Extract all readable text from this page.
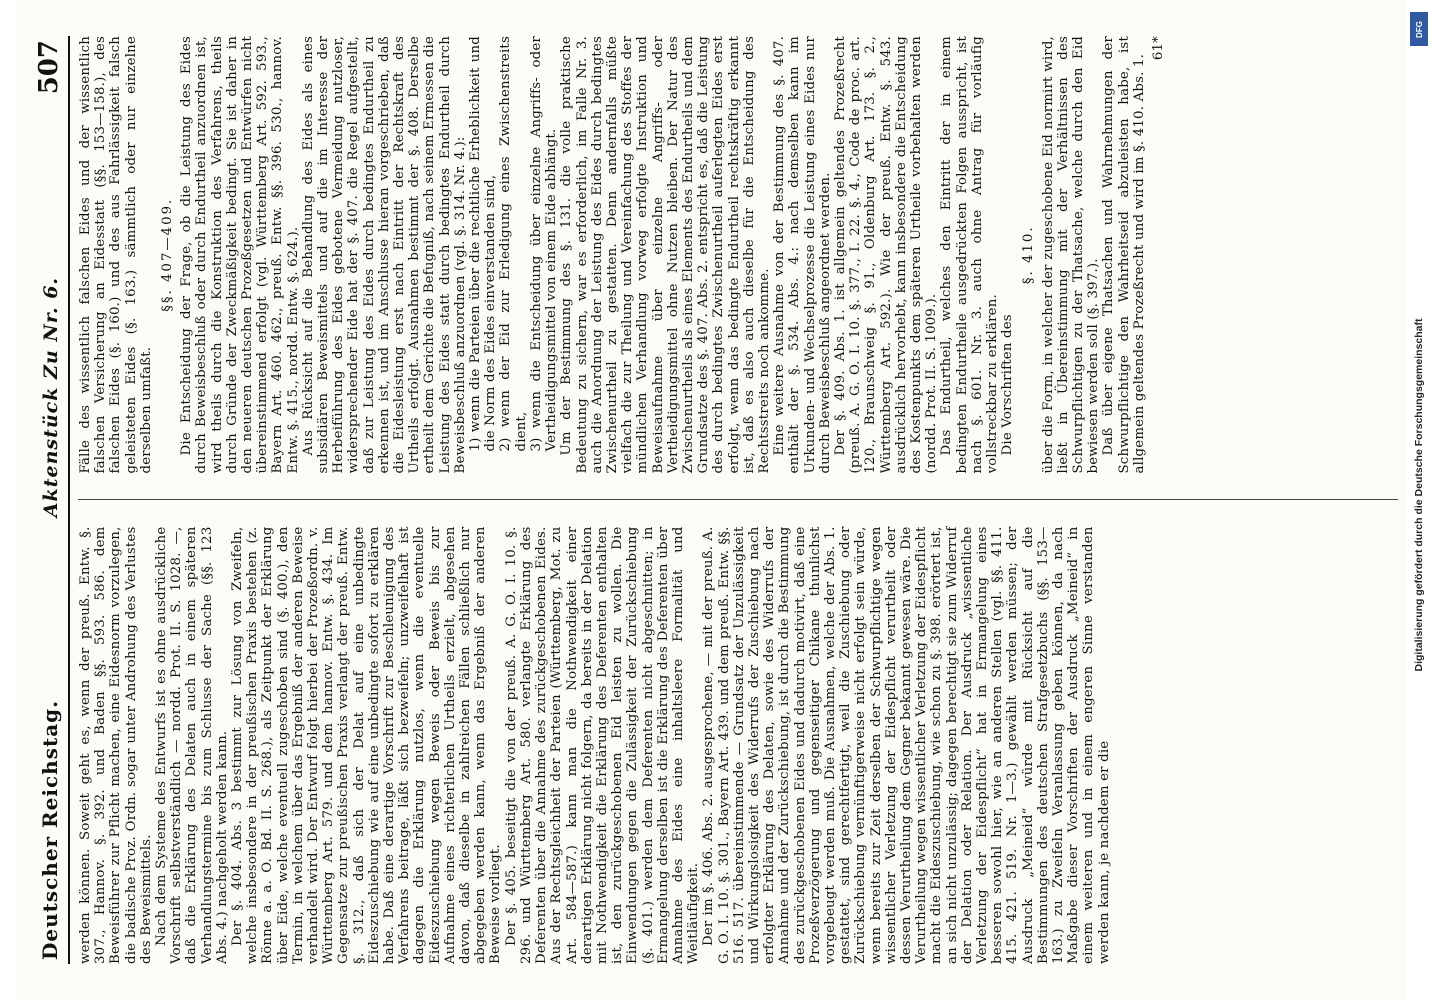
Deutscher Reichstag.
Aktenstück Zu Nr. 6.
507

werden können. Soweit geht es, wenn der preuß. Entw. §. 307., Hannov. §. 392. und Baden §§. 593. 586. dem Beweisführer zur Pflicht machen, eine Eidesnorm vorzulegen, die badische Proz. Ordn. sogar unter Androhung des Verlustes des Beweismittels. Nach dem Systeme des Entwurfs ist es ohne ausdrückliche Vorschrift selbstverständlich — nordd. Prot. II. S. 1028. —, daß die Erklärung des Delaten auch in einem späteren Verhandlungstermine bis zum Schlusse der Sache (§§. 123 Abs. 4.) nachgeholt werden kann. Der §. 404. Abs. 3 bestimmt zur Lösung von Zweifeln, welche insbesondere in der preußischen Praxis bestehen (z. Rönne a. a. O. Bd. II. S. 268.), als Zeitpunkt der Erklärung über Eide, welche eventuell zugeschoben sind (§. 400.), den Termin, in welchem über das Ergebniß der anderen Beweise verhandelt wird. Der Entwurf folgt hierbei der Prozeßordn. v. Württemberg Art. 579. und dem hannov. Entw. §. 434. Im Gegensatze zur preußischen Praxis verlangt der preuß. Entw. §. 312., daß sich der Delat auf eine unbedingte Eideszuschiebung wie auf eine unbedingte sofort zu erklären habe. Daß eine derartige Vorschrift zur Beschleunigung des Verfahrens beitrage, läßt sich bezweifeln; unzweifelhaft ist dagegen die Erklärung nutzlos, wenn die eventuelle Eideszuschiebung wegen Beweis oder Beweis bis zur Aufnahme eines richterlichen Urtheils erzielt, abgesehen davon, daß dieselbe in zahlreichen Fällen schließlich nur abgegeben werden kann, wenn das Ergebniß der anderen Beweise vorliegt. Der §. 405. beseitigt die von der preuß. A. G. O. I. 10. §. 296. und Württemberg Art. 580. verlangte Erklärung des Deferenten über die Annahme des zurückgeschobenen Eides. Aus der Rechtsgleichheit der Parteien (Württemberg, Mot. zu Art. 584—587.) kann man die Nothwendigkeit einer derartigen Erklärung nicht folgern, da bereits in der Delation mit Nothwendigkeit die Erklärung des Deferenten enthalten ist, den zurückgeschobenen Eid leisten zu wollen. Die Einwendungen gegen die Zulässigkeit der Zurückschiebung (§. 401.) werden dem Deferenten nicht abgeschnitten; in Ermangelung derselben ist die Erklärung des Deferenten über Annahme des Eides eine inhaltsleere Formalität und Weitläufigkeit. Der im §. 406. Abs. 2. ausgesprochene, — mit der preuß. A. G. O. I. 10. §. 301., Bayern Art. 439. und dem preuß. Entw. §§. 516. 517. übereinstimmende — Grundsatz der Unzulässigkeit und Wirkungslosigkeit des Widerrufs der Zuschiebung nach erfolgter Erklärung des Delaten, sowie des Widerrufs der Annahme und der Zurückschiebung, ist durch die Bestimmung des zurückgeschobenen Eides und dadurch motivirt, daß eine Prozeßverzögerung und gegenseitiger Chikane thunlichst vorgebeugt werden muß. Die Ausnahmen, welche der Abs. 1. gestattet, sind gerechtfertigt, weil die Zuschiebung oder Zurückschiebung vernünftigerweise nicht erfolgt sein würde, wenn bereits zur Zeit derselben der Schwurpflichtige wegen wissentlicher Verletzung der Eidespflicht verurtheilt oder dessen Verurtheilung dem Gegner bekannt gewesen wäre. Die Verurtheilung wegen wissentlicher Verletzung der Eidespflicht macht die Eideszuschiebung, wie schon zu §. 398. erörtert ist, an sich nicht unzulässig; dagegen berechtigt sie zum Widerruf der Delation oder Relation. Der Ausdruck „wissentliche Verletzung der Eidespflicht“ hat in Ermangelung eines besseren sowohl hier, wie an anderen Stellen (vgl. §§. 411. 415. 421. 519. Nr. 1—3.) gewählt werden müssen; der Ausdruck „Meineid“ würde mit Rücksicht auf die Bestimmungen des deutschen Strafgesetzbuchs (§§. 153—163.) zu Zweifeln Veranlassung geben können, da nach Maßgabe dieser Vorschriften der Ausdruck „Meineid“ in einem weiteren und in einem engeren Sinne verstanden werden kann, je nachdem er die

Fälle des wissentlich falschen Eides und der wissentlich falschen Versicherung an Eidesstatt (§§. 153—158.), des falschen Eides (§. 160.) und des aus Fahrlässigkeit falsch geleisteten Eides (§. 163.) sämmtlich oder nur einzelne derselben umfaßt.

§§. 407—409. Die Entscheidung der Frage, ob die Leistung des Eides durch Beweisbeschluß oder durch Endurtheil anzuordnen ist, wird theils durch die Konstruktion des Verfahrens, theils durch Gründe der Zweckmäßigkeit bedingt. Sie ist daher in den neueren deutschen Prozeßgesetzen und Entwürfen nicht übereinstimmend erfolgt (vgl. Württemberg Art. 592. 593., Bayern Art. 460. 462., preuß. Entw. §§. 396. 530., hannov. Entw. §. 415., nordd. Entw. §. 624.). Aus Rücksicht auf die Behandlung des Eides als eines subsidiären Beweismittels und auf die im Interesse der Herbeiführung des Eides gebotene Vermeidung nutzloser, widersprechender Eide hat der §. 407. die Regel aufgestellt, daß zur Leistung des Eides durch bedingtes Endurtheil zu erkennen ist, und im Anschlusse hieran vorgeschrieben, daß die Eidesleistung erst nach Eintritt der Rechtskraft des Urtheils erfolgt. Ausnahmen bestimmt der §. 408. Derselbe ertheilt dem Gerichte die Befugniß, nach seinem Ermessen die Leistung des Eides statt durch bedingtes Endurtheil durch Beweisbeschluß anzuordnen (vgl. §. 314. Nr. 4.): 1) wenn die Parteien über die rechtliche Erheblichkeit und die Norm des Eides einverstanden sind, 2) wenn der Eid zur Erledigung eines Zwischenstreits dient, 3) wenn die Entscheidung über einzelne Angriffs- oder Vertheidigungsmittel von einem Eide abhängt. Um der Bestimmung des §. 131. die volle praktische Bedeutung zu sichern, war es erforderlich, im Falle Nr. 3. auch die Anordnung der Leistung des Eides durch bedingtes Zwischenurtheil zu gestatten. Denn andernfalls müßte vielfach die zur Theilung und Vereinfachung des Stoffes der mündlichen Verhandlung vorweg erfolgte Instruktion und Beweisaufnahme über einzelne Angriffs- oder Vertheidigungsmittel ohne Nutzen bleiben. Der Natur des Zwischenurtheils als eines Elements des Endurtheils und dem Grundsatze des §. 407. Abs. 2. entspricht es, daß die Leistung des durch bedingtes Zwischenurtheil auferlegten Eides erst erfolgt, wenn das bedingte Endurtheil rechtskräftig erkannt ist, daß es also auch dieselbe für die Entscheidung des Rechtsstreits noch ankomme. Eine weitere Ausnahme von der Bestimmung des §. 407. enthält der §. 534. Abs. 4.: nach demselben kann im Urkunden- und Wechselprozesse die Leistung eines Eides nur durch Beweisbeschluß angeordnet werden. Der §. 409. Abs. 1. ist allgemein geltendes Prozeßrecht (preuß. A. G. O. I. 10. §. 377., I. 22. §. 4., Code de proc. art. 120., Braunschweig §. 91., Oldenburg Art. 173. §. 2., Württemberg Art. 592.). Wie der preuß. Entw. §. 543. ausdrücklich hervorhebt, kann insbesondere die Entscheidung des Kostenpunkts dem späteren Urtheile vorbehalten werden (nordd. Prot. II. S. 1009.). Das Endurtheil, welches den Eintritt der in einem bedingten Endurtheile ausgedrückten Folgen ausspricht, ist nach §. 601. Nr. 3. auch ohne Antrag für vorläufig vollstreckbar zu erklären. Die Vorschriften des

§. 410. über die Form, in welcher der zugeschobene Eid normirt wird, ließt in Übereinstimmung mit der Verhältnissen des Schwurpflichtigen zu der Thatsache, welche durch den Eid bewiesen werden soll (§. 397.). Daß über eigene Thatsachen und Wahrnehmungen der Schwurpflichtige den Wahrheitseid abzuleisten habe, ist allgemein geltendes Prozeßrecht und wird im §. 410. Abs. 1.

61*

DFG
Digitalisierung gefördert durch die Deutsche Forschungsgemeinschaft
